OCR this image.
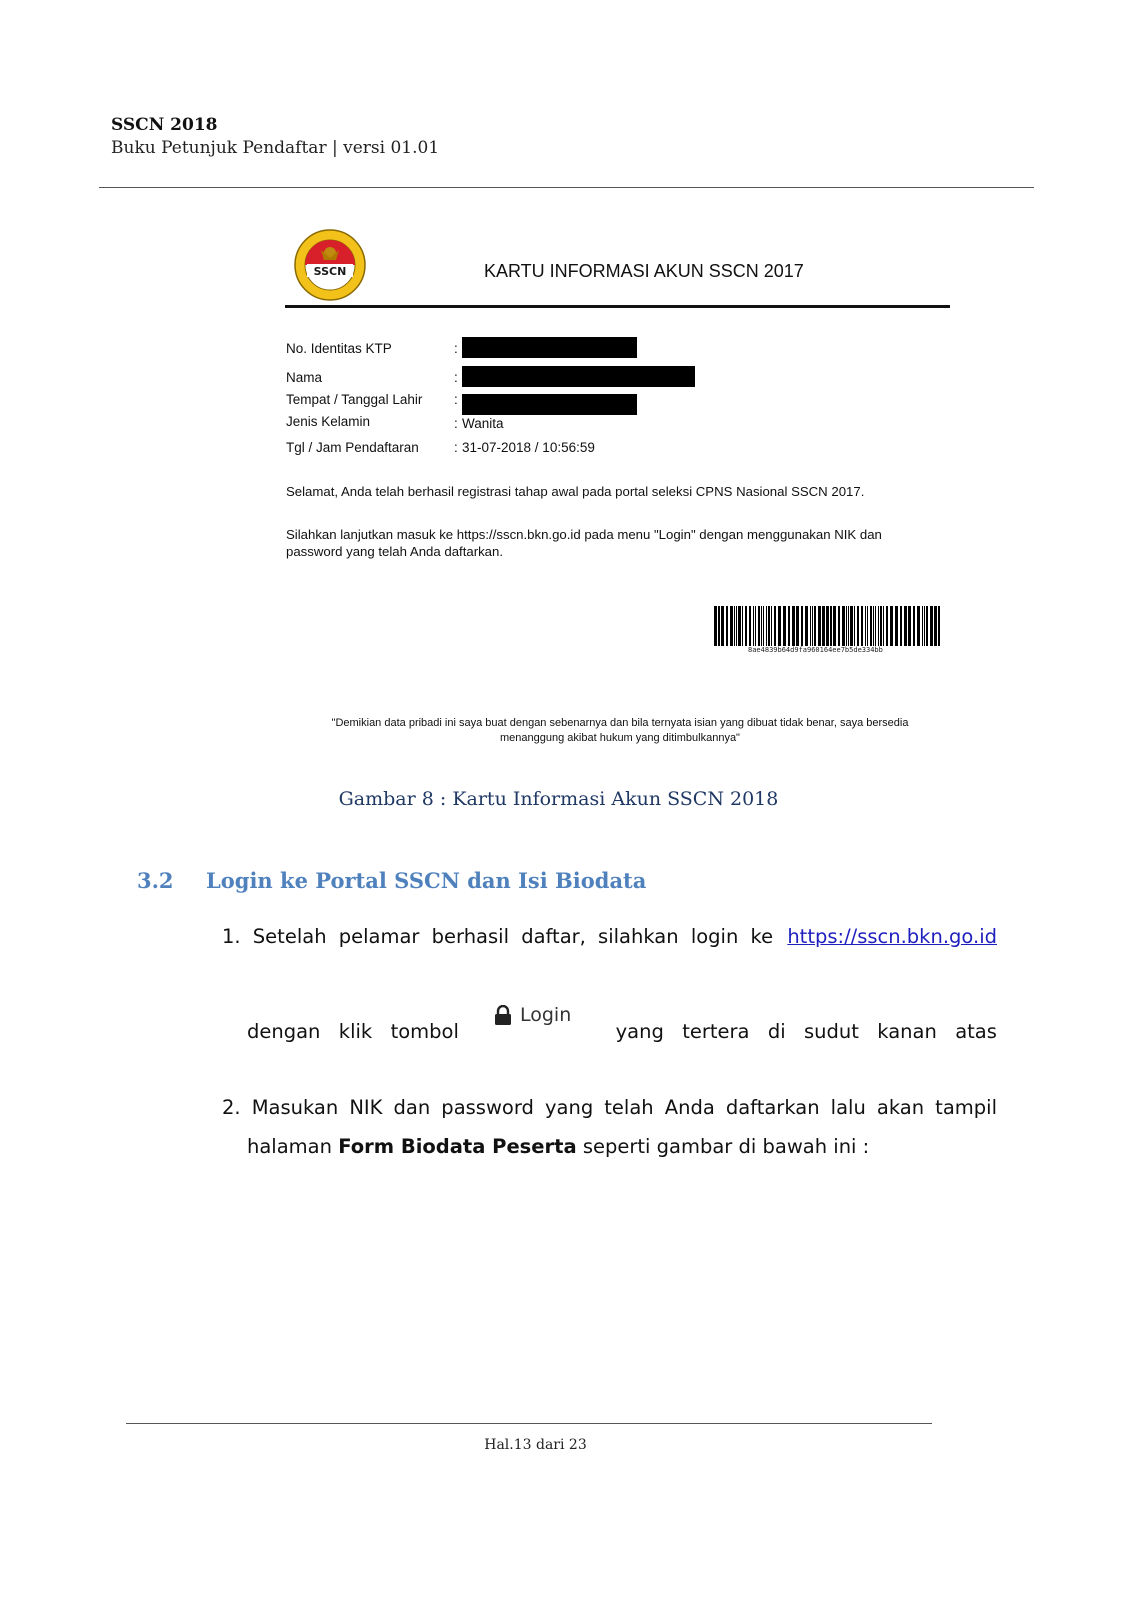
SSCN 2018
Buku Petunjuk Pendaftar | versi 01.01
SSCN	KARTU INFORMASI AKUN SSCN 2017
No. Identitas KTP	:
Nama	:
Tempat / Tanggal Lahir :
Jenis Kelamin	: Wanita
Tgl / Jam Pendaftaran	: 31-07-2018 / 10:56:59
Selamat, Anda telah berhasil registrasi tahap awal pada portal seleksi CPNS Nasional SSCN 2017.
Silahkan lanjutkan masuk ke https://sscn.bkn.go.id pada menu "Login" dengan menggunakan NIK dan
password yang telah Anda daftarkan.
8ae4839b64d9fa960164ee7b5de334bb
"Demikian data pribadi ini saya buat dengan sebenarnya dan bila ternyata isian yang dibuat tidak benar, saya bersedia
menanggung akibat hukum yang ditimbulkannya"
Gambar 8 : Kartu Informasi Akun SSCN 2018
3.2 Login ke Portal SSCN dan Isi Biodata
1. Setelah pelamar berhasil daftar, silahkan login ke https://sscn.bkn.go.id
dengan klik tombol	yang tertera di sudut kanan atas
Login
2. Masukan NIK dan password yang telah Anda daftarkan lalu akan tampil
halaman Form Biodata Peserta seperti gambar di bawah ini :
Hal.13 dari 23
